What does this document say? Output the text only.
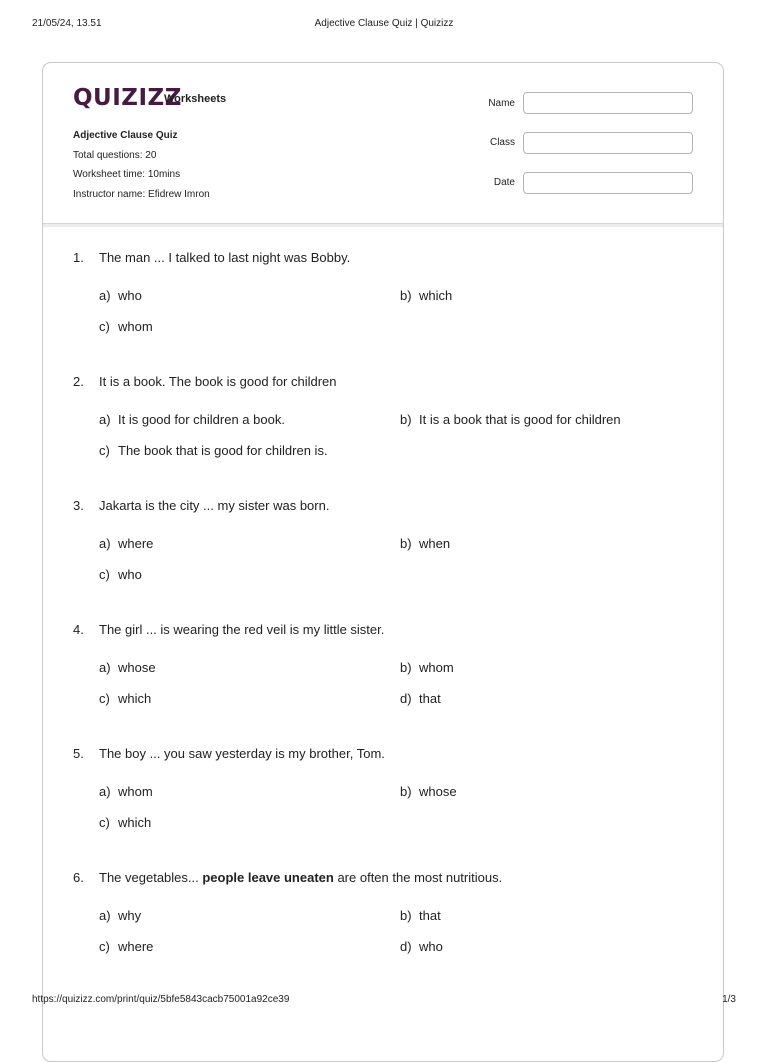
21/05/24, 13.51	Adjective Clause Quiz | Quizizz
QUIZIZZ
Worksheets
Adjective Clause Quiz
Total questions: 20
Worksheet time: 10mins
Instructor name: Efidrew Imron
Name
Class
Date
1. The man ... I talked to last night was Bobby.
a) who	b) which
c) whom
2. It is a book. The book is good for children
a) It is good for children a book.	b) It is a book that is good for children
c) The book that is good for children is.
3. Jakarta is the city ... my sister was born.
a) where	b) when
c) who
4. The girl ... is wearing the red veil is my little sister.
a) whose	b) whom
c) which	d) that
5. The boy ... you saw yesterday is my brother, Tom.
a) whom	b) whose
c) which
6. The vegetables... people leave uneaten are often the most nutritious.
a) why	b) that
c) where	d) who
https://quizizz.com/print/quiz/5bfe5843cacb75001a92ce39	1/3
